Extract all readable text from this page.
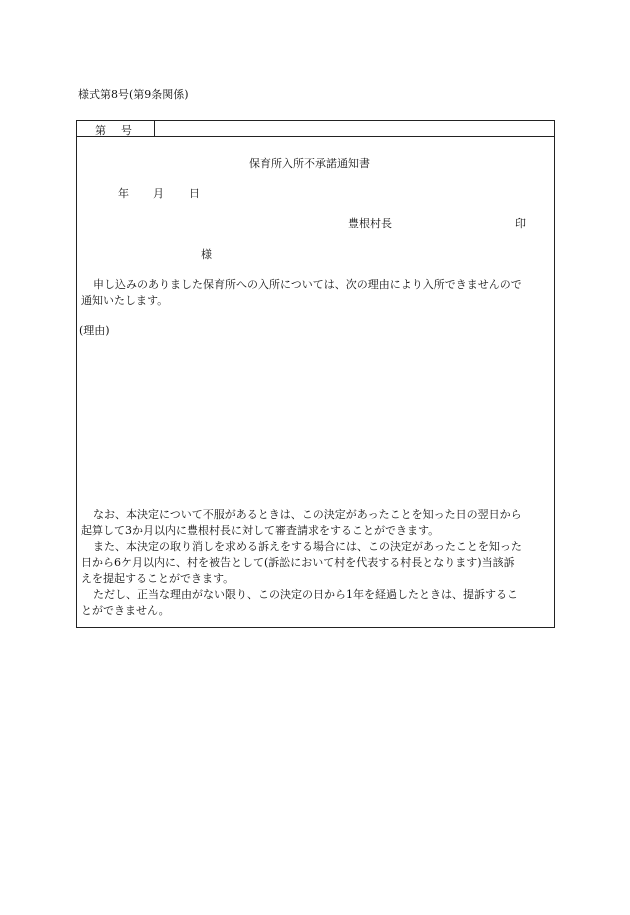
様式第8号(第9条関係)
第 号
保育所入所不承諾通知書
年 月 日
豊根村長	印
様
申し込みのありました保育所への入所については、次の理由により入所できませんので
通知いたします。
(理由)
なお、本決定について不服があるときは、この決定があったことを知った日の翌日から
起算して3か月以内に豊根村長に対して審査請求をすることができます。
また、本決定の取り消しを求める訴えをする場合には、この決定があったことを知った
日から6ケ月以内に、村を被告として(訴訟において村を代表する村長となります)当該訴
えを提起することができます。
ただし、正当な理由がない限り、この決定の日から1年を経過したときは、提訴するこ
とができません。
